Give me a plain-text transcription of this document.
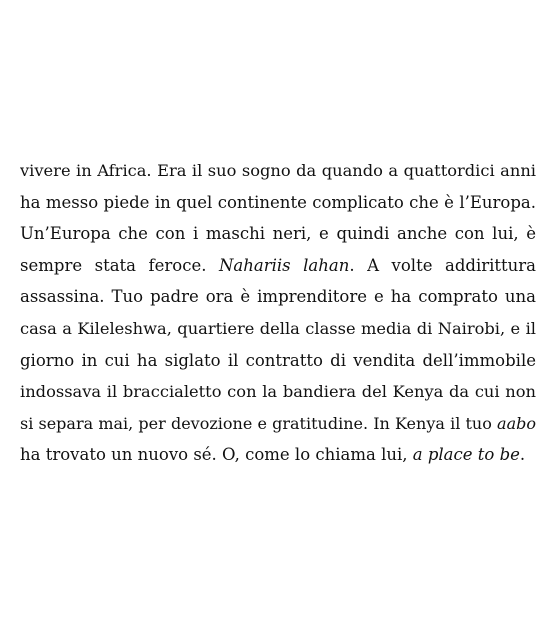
vivere in Africa. Era il suo sogno da quando a quattordici anni
ha messo piede in quel continente complicato che è l’Europa.
Un’Europa che con i maschi neri, e quindi anche con lui, è
sempre stata feroce. Nahariis lahan. A volte addirittura
assassina. Tuo padre ora è imprenditore e ha comprato una
casa a Kileleshwa, quartiere della classe media di Nairobi, e il
giorno in cui ha siglato il contratto di vendita dell’immobile
indossava il braccialetto con la bandiera del Kenya da cui non
si separa mai, per devozione e gratitudine. In Kenya il tuo aabo
ha trovato un nuovo sé. O, come lo chiama lui, a place to be.
